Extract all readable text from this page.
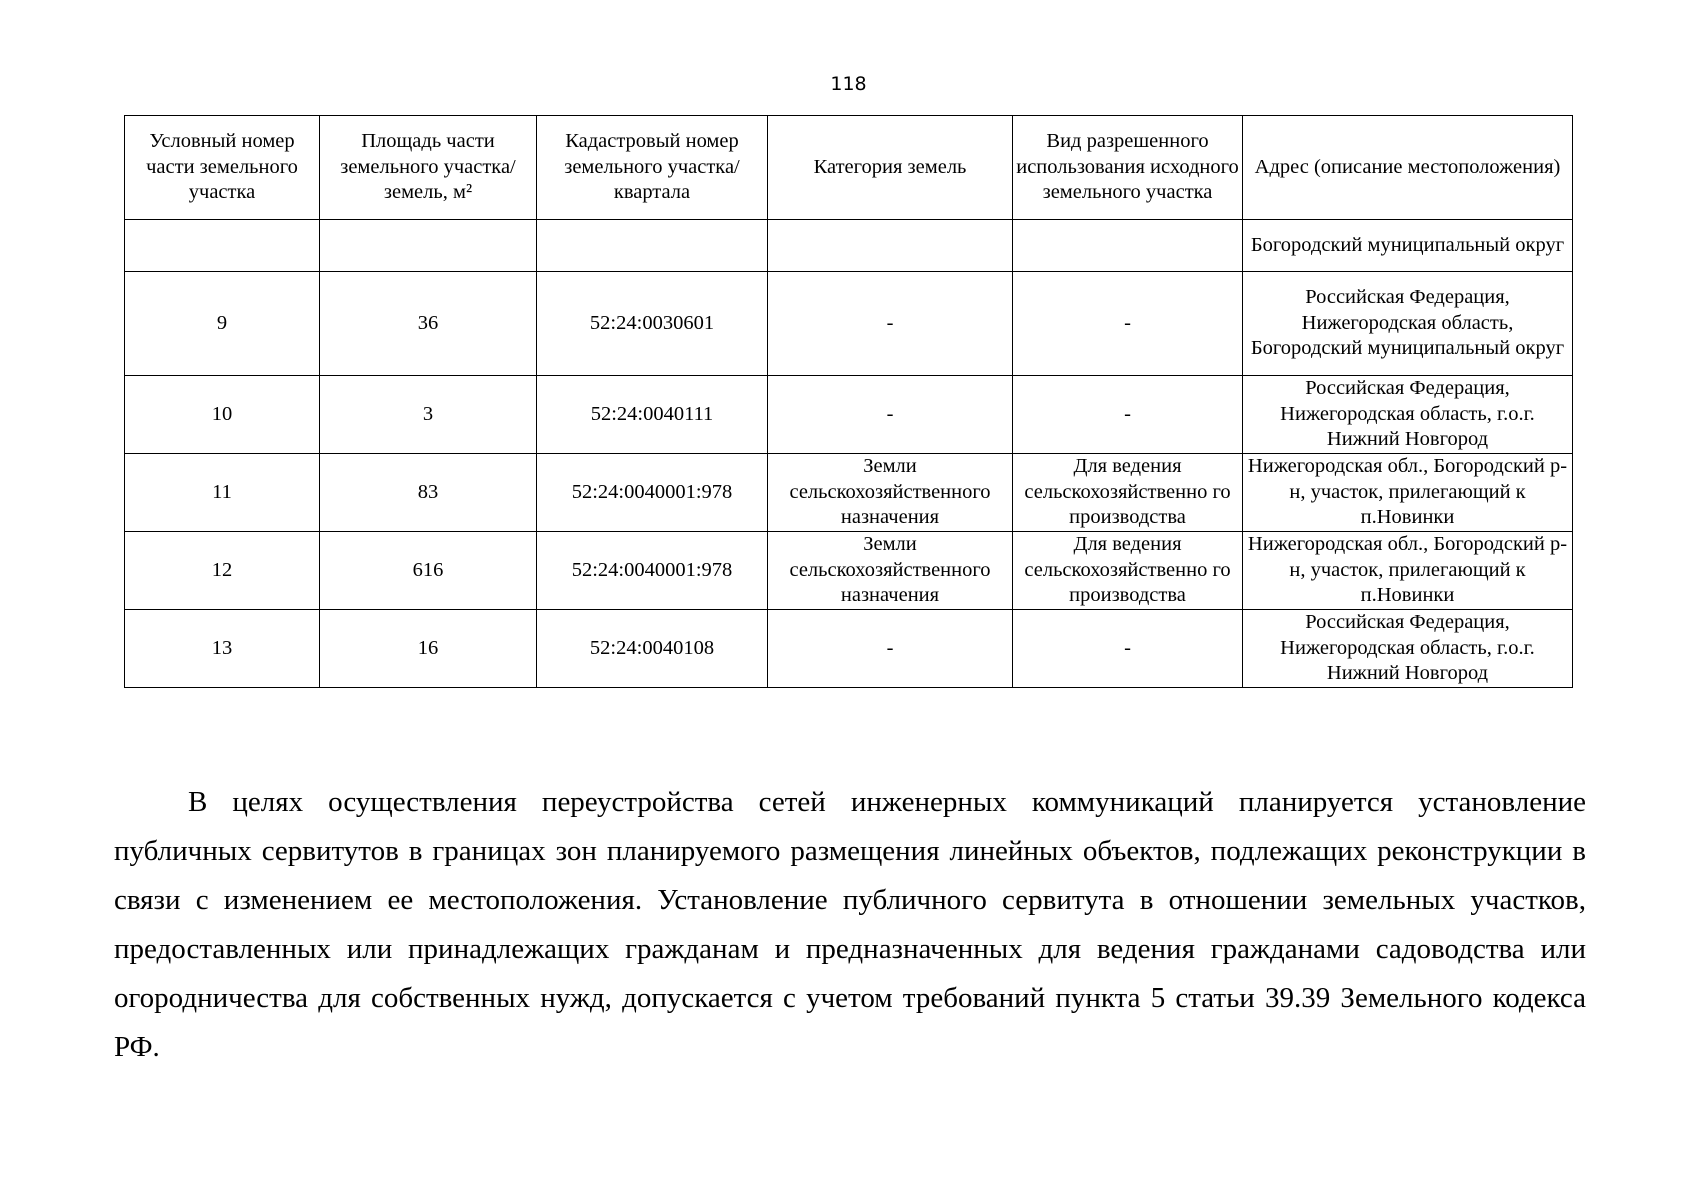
118
Условный номер части земельного участка	Площадь части земельного участка/земель, м²	Кадастровый номер земельного участка/квартала	Категория земель	Вид разрешенного использования исходного земельного участка	Адрес (описание местоположения)
					Богородский муниципальный округ
9	36	52:24:0030601	-	-	Российская Федерация, Нижегородская область, Богородский муниципальный округ
10	3	52:24:0040111	-	-	Российская Федерация, Нижегородская область, г.о.г. Нижний Новгород
11	83	52:24:0040001:978	Земли сельскохозяйственного назначения	Для ведения сельскохозяйственно го производства	Нижегородская обл., Богородский р-н, участок, прилегающий к п.Новинки
12	616	52:24:0040001:978	Земли сельскохозяйственного назначения	Для ведения сельскохозяйственно го производства	Нижегородская обл., Богородский р-н, участок, прилегающий к п.Новинки
13	16	52:24:0040108	-	-	Российская Федерация, Нижегородская область, г.о.г. Нижний Новгород

В целях осуществления переустройства сетей инженерных коммуникаций планируется установление публичных сервитутов в границах зон планируемого размещения линейных объектов, подлежащих реконструкции в связи с изменением ее местоположения. Установление публичного сервитута в отношении земельных участков, предоставленных или принадлежащих гражданам и предназначенных для ведения гражданами садоводства или огородничества для собственных нужд, допускается с учетом требований пункта 5 статьи 39.39 Земельного кодекса РФ.
